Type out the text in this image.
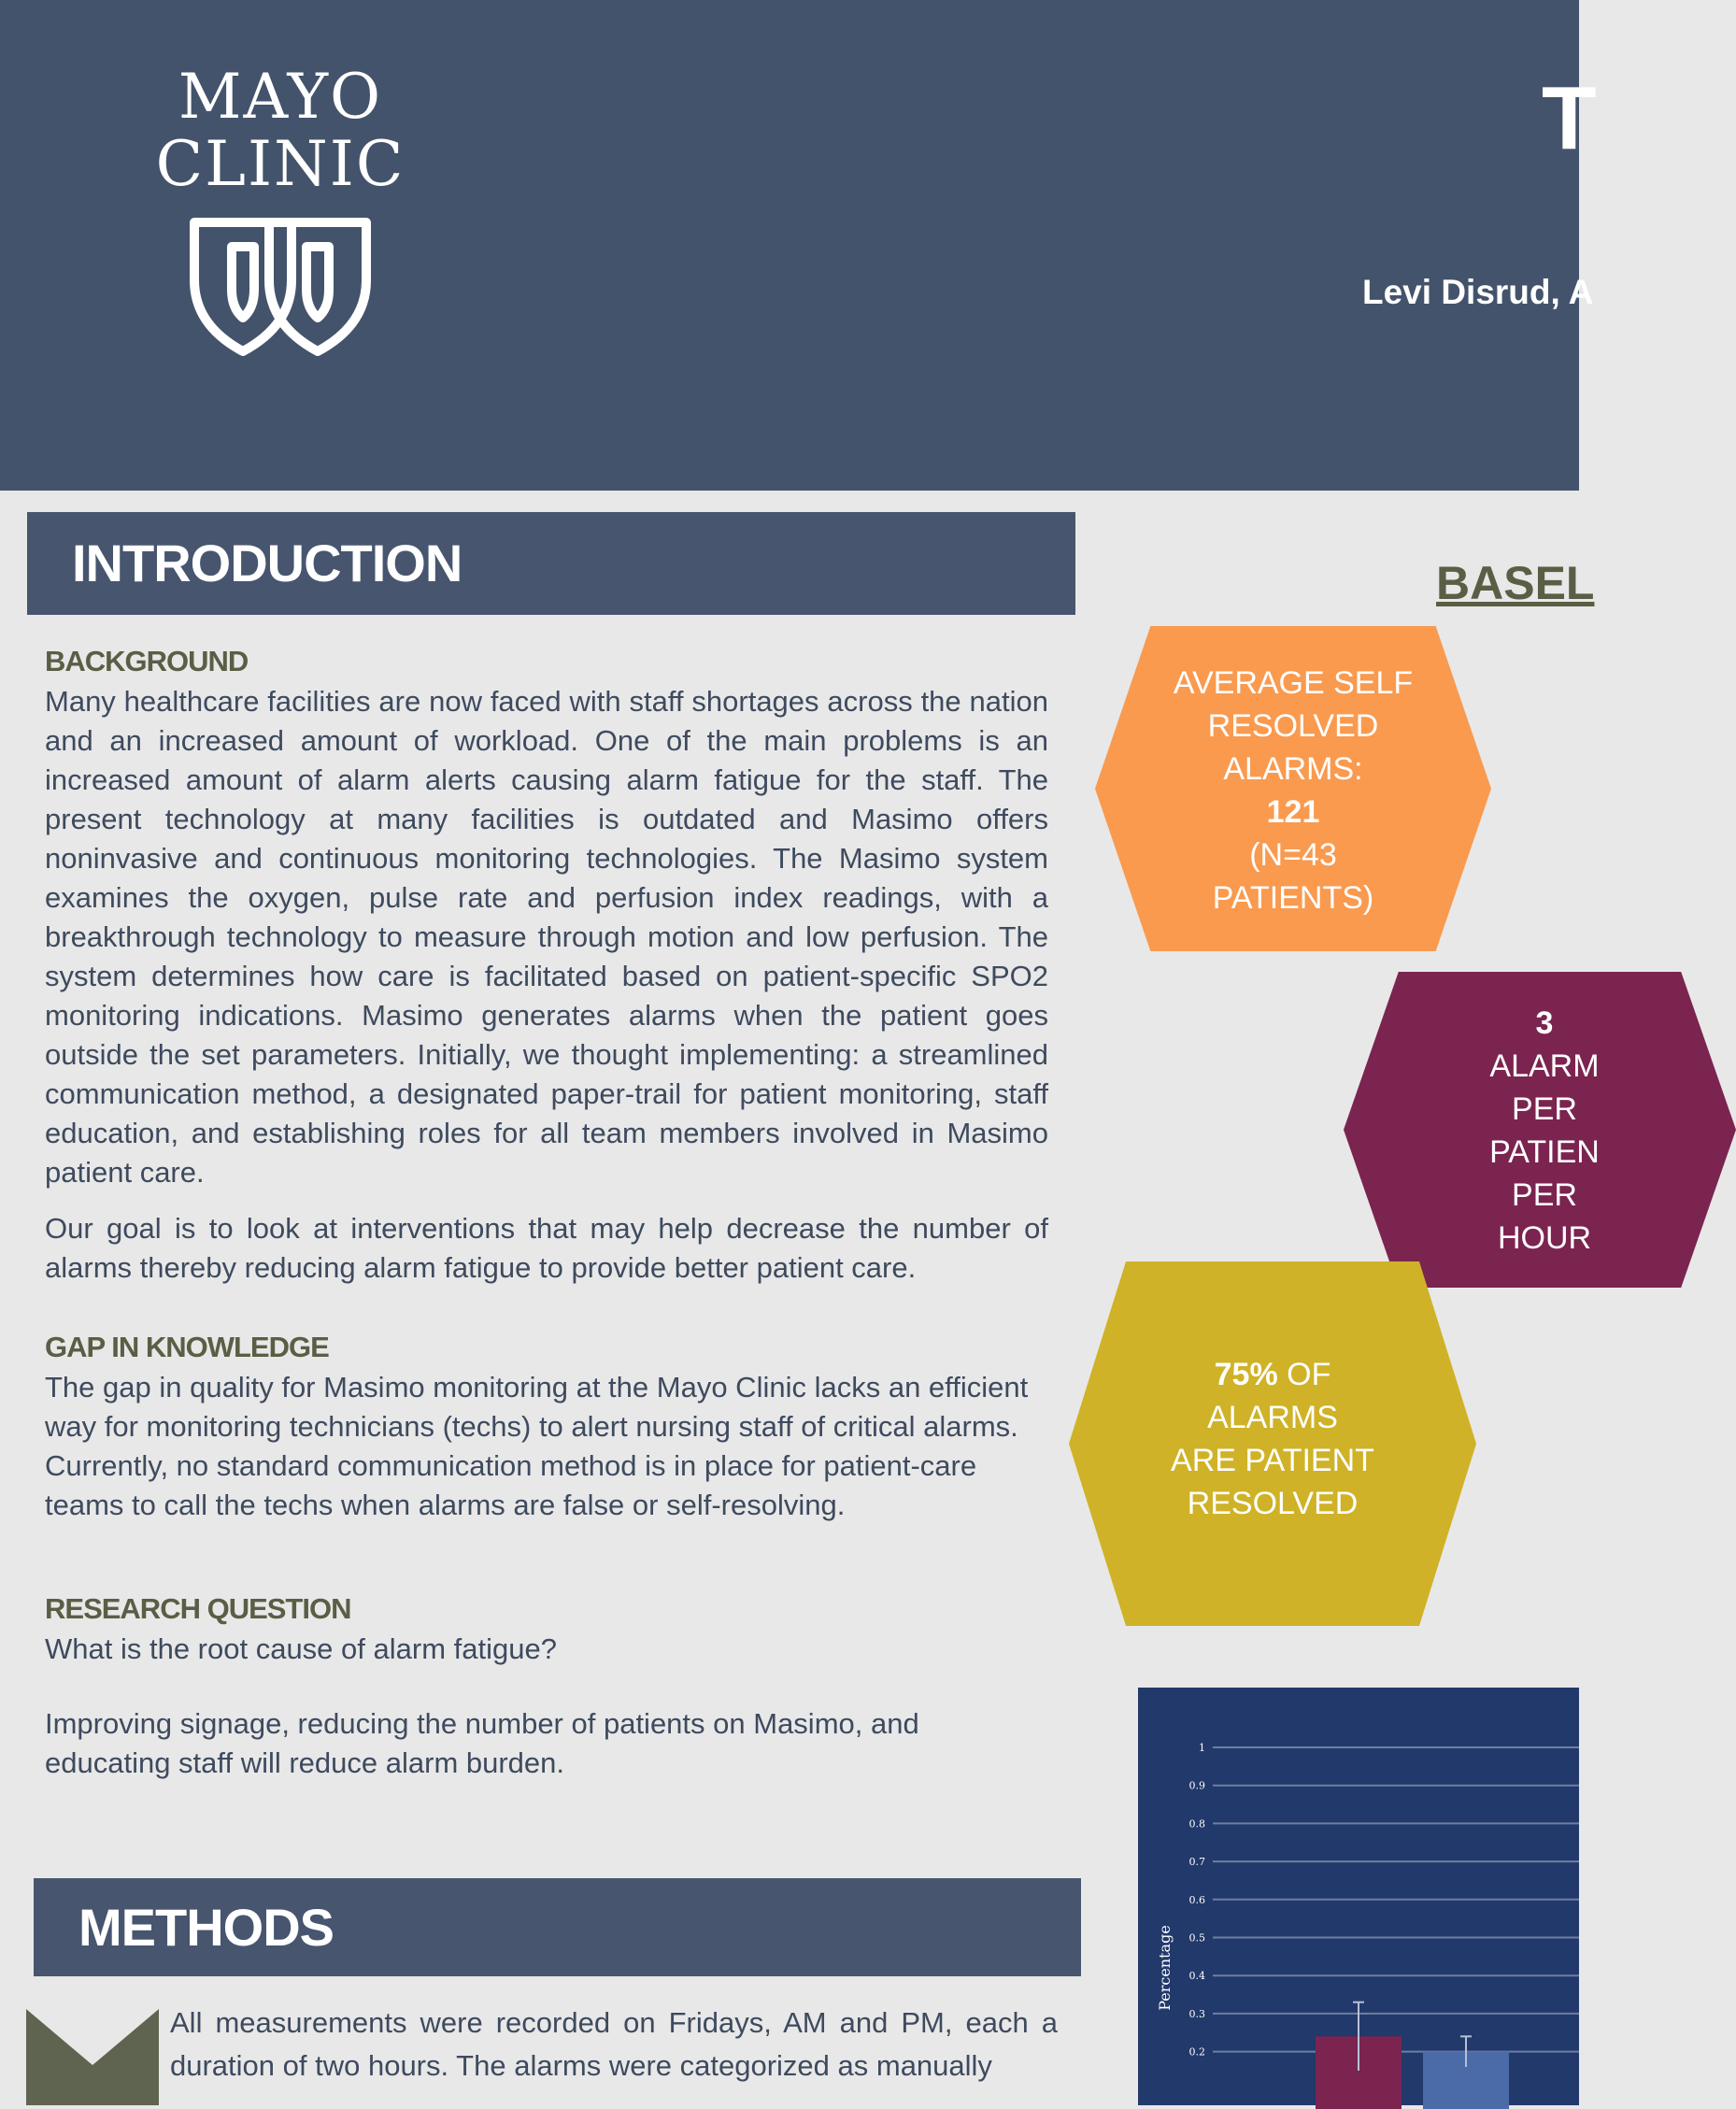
MAYO
CLINIC	T
Levi Disrud, A
INTRODUCTION

BACKGROUND

Many healthcare facilities are now faced with staff shortages across the nation and an increased amount of workload. One of the main problems is an increased amount of alarm alerts causing alarm fatigue for the staff. The present technology at many facilities is outdated and Masimo offers noninvasive and continuous monitoring technologies. The Masimo system examines the oxygen, pulse rate and perfusion index readings, with a breakthrough technology to measure through motion and low perfusion. The system determines how care is facilitated based on patient-specific SPO2 monitoring indications. Masimo generates alarms when the patient goes outside the set parameters. Initially, we thought implementing: a streamlined communication method, a designated paper-trail for patient monitoring, staff education, and establishing roles for all team members involved in Masimo patient care.

Our goal is to look at interventions that may help decrease the number of alarms thereby reducing alarm fatigue to provide better patient care.

GAP IN KNOWLEDGE

The gap in quality for Masimo monitoring at the Mayo Clinic lacks an efficient way for monitoring technicians (techs) to alert nursing staff of critical alarms. Currently, no standard communication method is in place for patient-care teams to call the techs when alarms are false or self-resolving.

RESEARCH QUESTION

What is the root cause of alarm fatigue?

Improving signage, reducing the number of patients on Masimo, and educating staff will reduce alarm burden.

METHODS

All measurements were recorded on Fridays, AM and PM, each a duration of two hours. The alarms were categorized as manually

BASEL
AVERAGE SELF
RESOLVED
ALARMS:
121
(N=43
PATIENTS)
3
ALARM
PER
PATIEN
PER
HOUR
75% OF
ALARMS
ARE PATIENT
RESOLVED
1
0.9
0.8
0.7
0.6
0.5
0.4
0.3
0.2
Percentage
